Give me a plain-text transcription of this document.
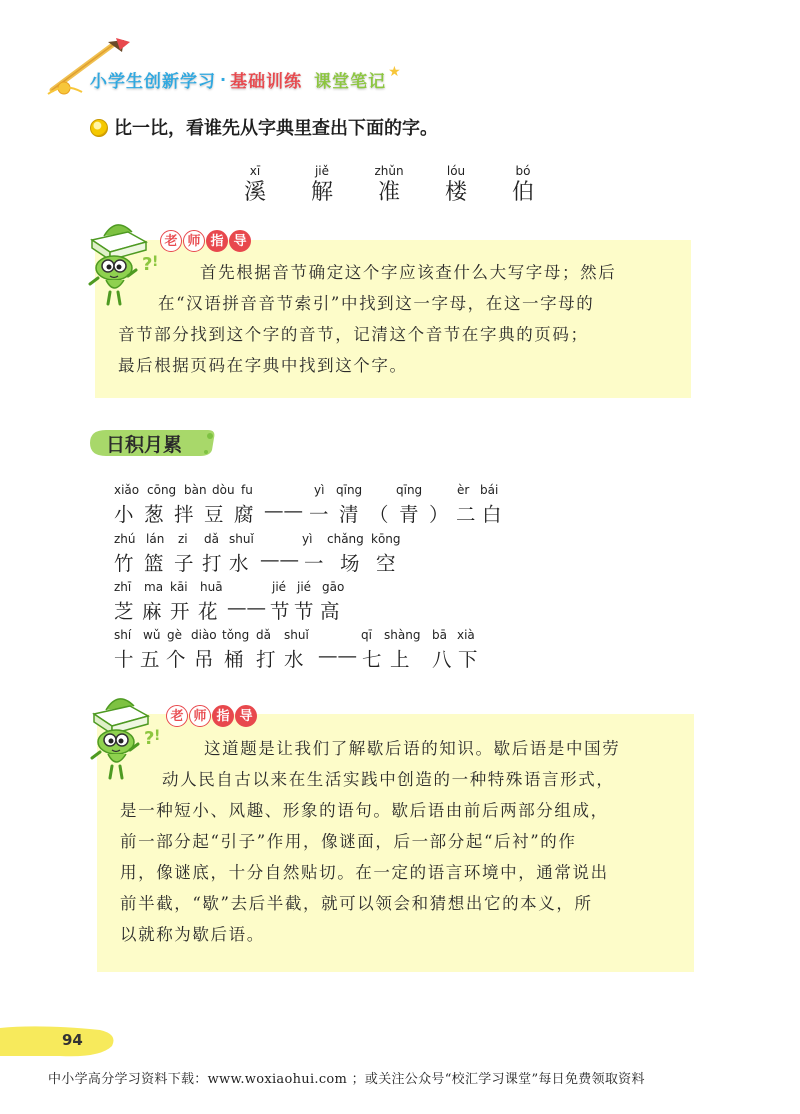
小学生创新学习 · 基础训练 课堂笔记 ★
比一比，看谁先从字典里查出下面的字。
xī
溪
jiě
解
zhǔn
准
lóu
楼
bó
伯
? !
老 师 指 导
首先根据音节确定这个字应该查什么大写字母；然后
在“汉语拼音音节索引”中找到这一字母，在这一字母的
音节部分找到这个字的音节，记清这个音节在字典的页码；
最后根据页码在字典中找到这个字。
日积月累
xiǎo cōng bàn dòu fu	yì qīng	qīng	èr bái
小 葱 拌 豆 腐 —— 一 清 （ 青 ） 二 白
zhú lán zi dǎ shuǐ	yì chǎng kōng
竹 篮 子 打 水 —— 一 场 空
zhī ma kāi huā	jié jié gāo
芝 麻 开 花 —— 节 节 高
shí wǔ gè diào tǒng dǎ shuǐ	qī shàng bā xià
十 五 个 吊 桶 打 水 —— 七 上 八 下
? !
老 师 指 导
这道题是让我们了解歇后语的知识。歇后语是中国劳
动人民自古以来在生活实践中创造的一种特殊语言形式，
是一种短小、风趣、形象的语句。歇后语由前后两部分组成，
前一部分起“引子”作用，像谜面，后一部分起“后衬”的作
用，像谜底，十分自然贴切。在一定的语言环境中，通常说出
前半截，“歇”去后半截，就可以领会和猜想出它的本义，所
以就称为歇后语。
94
中小学高分学习资料下载：www.woxiaohui.com ；或关注公众号“校汇学习课堂”每日免费领取资料
